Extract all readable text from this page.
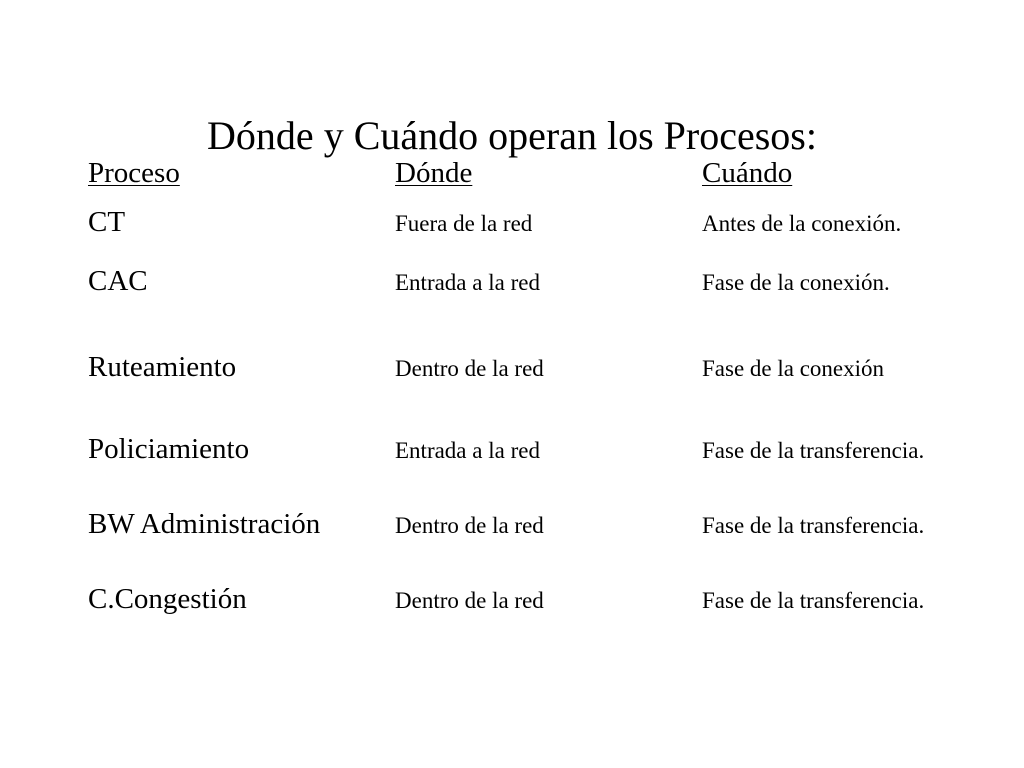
Dónde y Cuándo operan los Procesos:
Proceso	Dónde	Cuándo
CT	Fuera de la red	Antes de la conexión.
CAC	Entrada a la red	Fase de la conexión.
Ruteamiento	Dentro de la red	Fase de la conexión
Policiamiento	Entrada a la red	Fase de la transferencia.
BW Administración	Dentro de la red	Fase de la transferencia.
C.Congestión	Dentro de la red	Fase de la transferencia.
